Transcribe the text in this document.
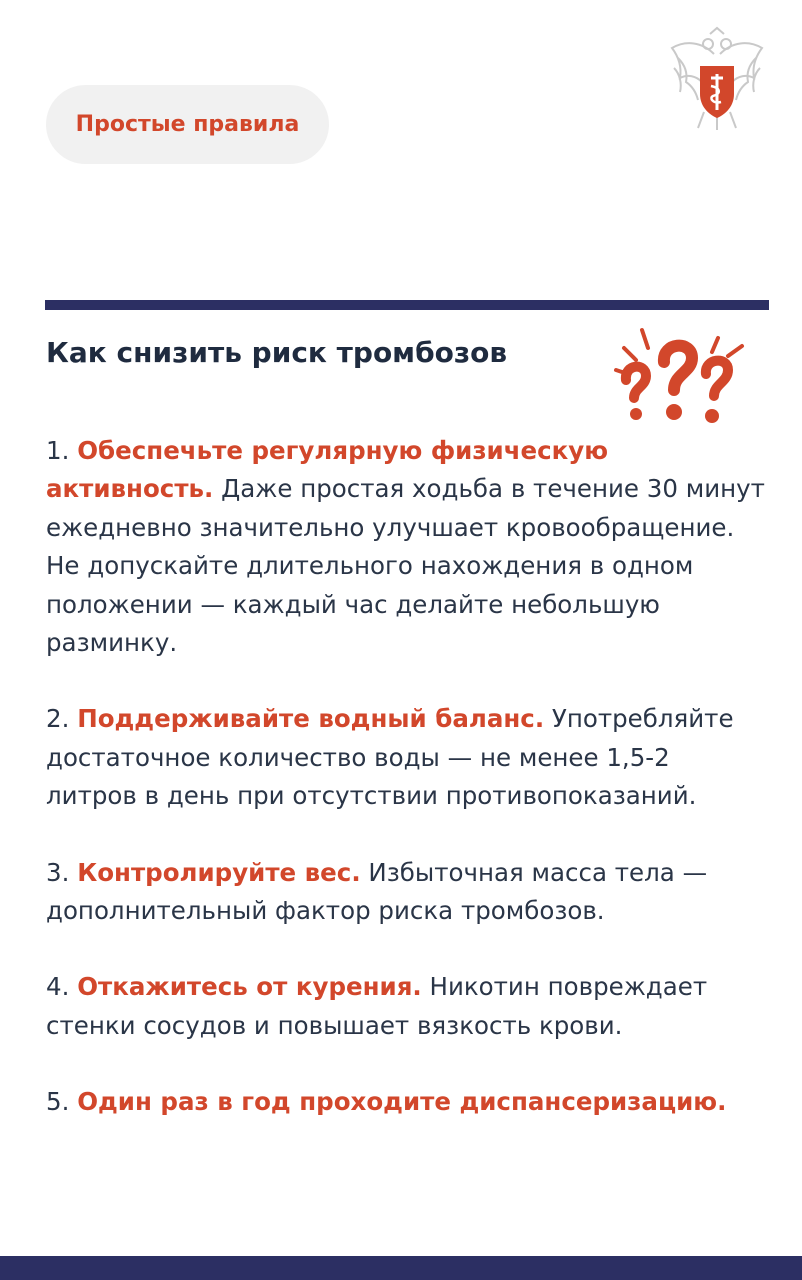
Простые правила
Как снизить риск тромбозов

1. Обеспечьте регулярную физическую активность. Даже простая ходьба в течение 30 минут ежедневно значительно улучшает кровообращение. Не допускайте длительного нахождения в одном положении — каждый час делайте небольшую разминку.

2. Поддерживайте водный баланс. Употребляйте достаточное количество воды — не менее 1,5-2 литров в день при отсутствии противопоказаний.

3. Контролируйте вес. Избыточная масса тела — дополнительный фактор риска тромбозов.

4. Откажитесь от курения. Никотин повреждает стенки сосудов и повышает вязкость крови.

5. Один раз в год проходите диспансеризацию.
